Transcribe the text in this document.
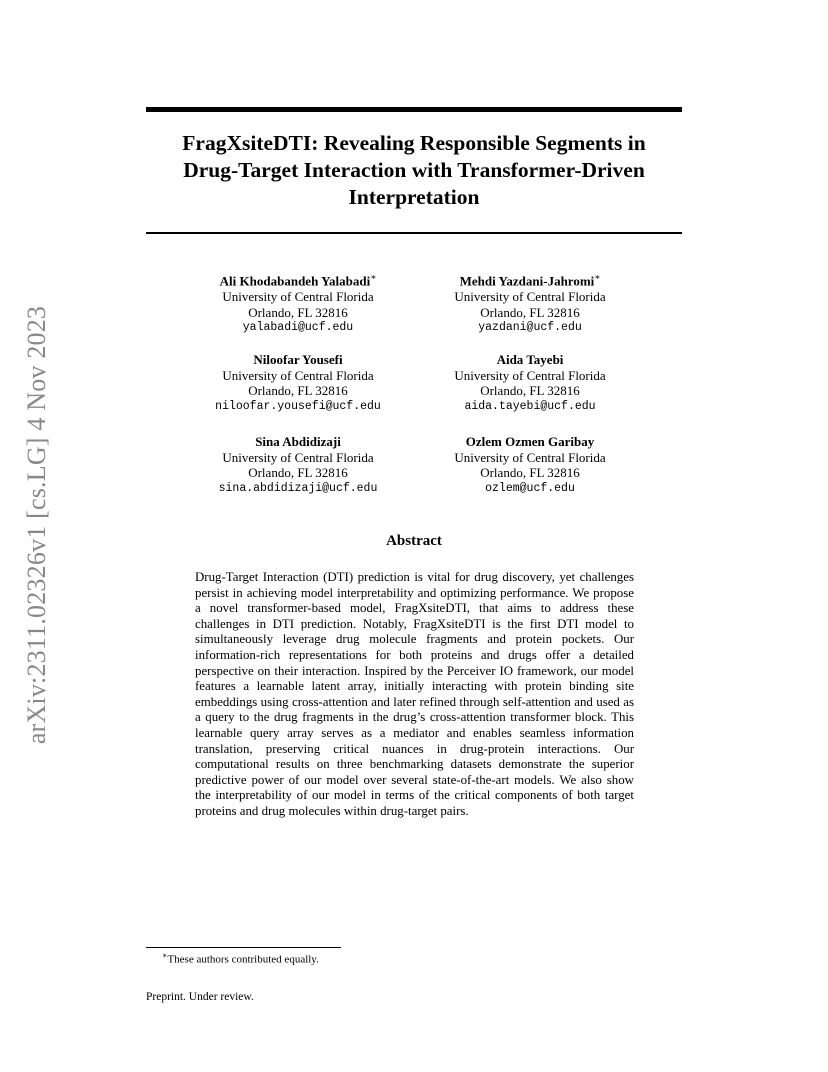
arXiv:2311.02326v1 [cs.LG] 4 Nov 2023
FragXsiteDTI: Revealing Responsible Segments in
Drug-Target Interaction with Transformer-Driven
Interpretation
Ali Khodabandeh Yalabadi∗
University of Central Florida
Orlando, FL 32816
yalabadi@ucf.edu
Mehdi Yazdani-Jahromi∗
University of Central Florida
Orlando, FL 32816
yazdani@ucf.edu
Niloofar Yousefi
University of Central Florida
Orlando, FL 32816
niloofar.yousefi@ucf.edu
Aida Tayebi
University of Central Florida
Orlando, FL 32816
aida.tayebi@ucf.edu
Sina Abdidizaji
University of Central Florida
Orlando, FL 32816
sina.abdidizaji@ucf.edu
Ozlem Ozmen Garibay
University of Central Florida
Orlando, FL 32816
ozlem@ucf.edu
Abstract

Drug-Target Interaction (DTI) prediction is vital for drug discovery, yet challenges persist in achieving model interpretability and optimizing performance. We propose a novel transformer-based model, FragXsiteDTI, that aims to address these challenges in DTI prediction. Notably, FragXsiteDTI is the first DTI model to simultaneously leverage drug molecule fragments and protein pockets. Our information-rich representations for both proteins and drugs offer a detailed perspective on their interaction. Inspired by the Perceiver IO framework, our model features a learnable latent array, initially interacting with protein binding site embeddings using cross-attention and later refined through self-attention and used as a query to the drug fragments in the drug’s cross-attention transformer block. This learnable query array serves as a mediator and enables seamless information translation, preserving critical nuances in drug-protein interactions. Our computational results on three benchmarking datasets demonstrate the superior predictive power of our model over several state-of-the-art models. We also show the interpretability of our model in terms of the critical components of both target proteins and drug molecules within drug-target pairs.

∗These authors contributed equally.
Preprint. Under review.
